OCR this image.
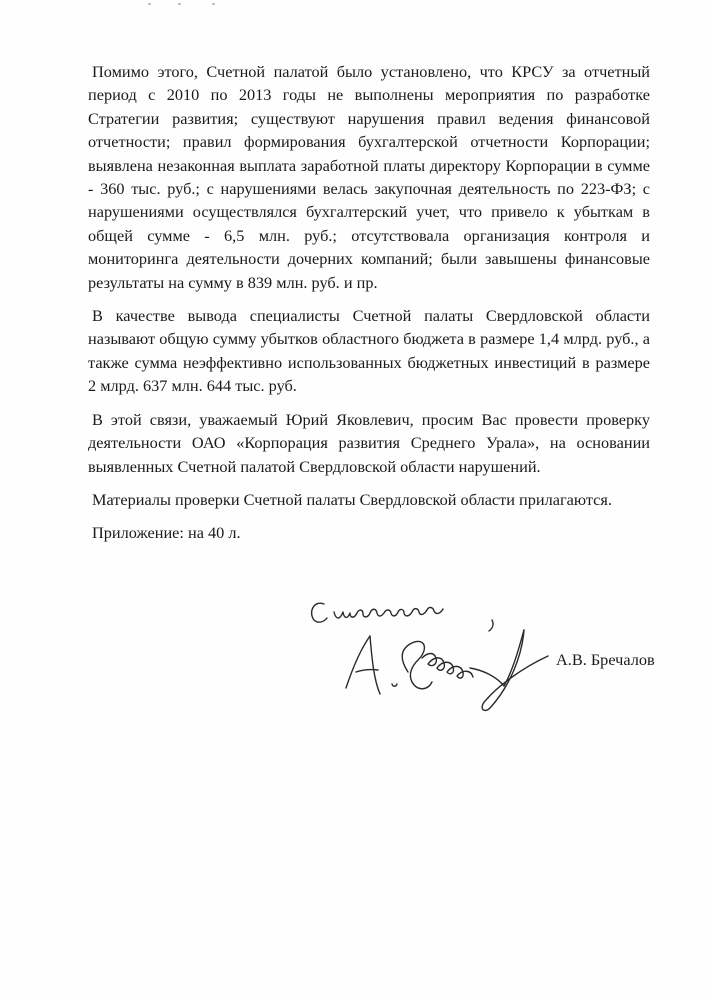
Помимо этого, Счетной палатой было установлено, что КРСУ за отчетный период с 2010 по 2013 годы не выполнены мероприятия по разработке Стратегии развития; существуют нарушения правил ведения финансовой отчетности; правил формирования бухгалтерской отчетности Корпорации; выявлена незаконная выплата заработной платы директору Корпорации в сумме - 360 тыс. руб.; с нарушениями велась закупочная деятельность по 223-ФЗ; с нарушениями осуществлялся бухгалтерский учет, что привело к убыткам в общей сумме - 6,5 млн. руб.; отсутствовала организация контроля и мониторинга деятельности дочерних компаний; были завышены финансовые результаты на сумму в 839 млн. руб. и пр.

В качестве вывода специалисты Счетной палаты Свердловской области называют общую сумму убытков областного бюджета в размере 1,4 млрд. руб., а также сумма неэффективно использованных бюджетных инвестиций в размере 2 млрд. 637 млн. 644 тыс. руб.

В этой связи, уважаемый Юрий Яковлевич, просим Вас провести проверку деятельности ОАО «Корпорация развития Среднего Урала», на основании выявленных Счетной палатой Свердловской области нарушений.

Материалы проверки Счетной палаты Свердловской области прилагаются.

Приложение: на 40 л.

А.В. Бречалов
